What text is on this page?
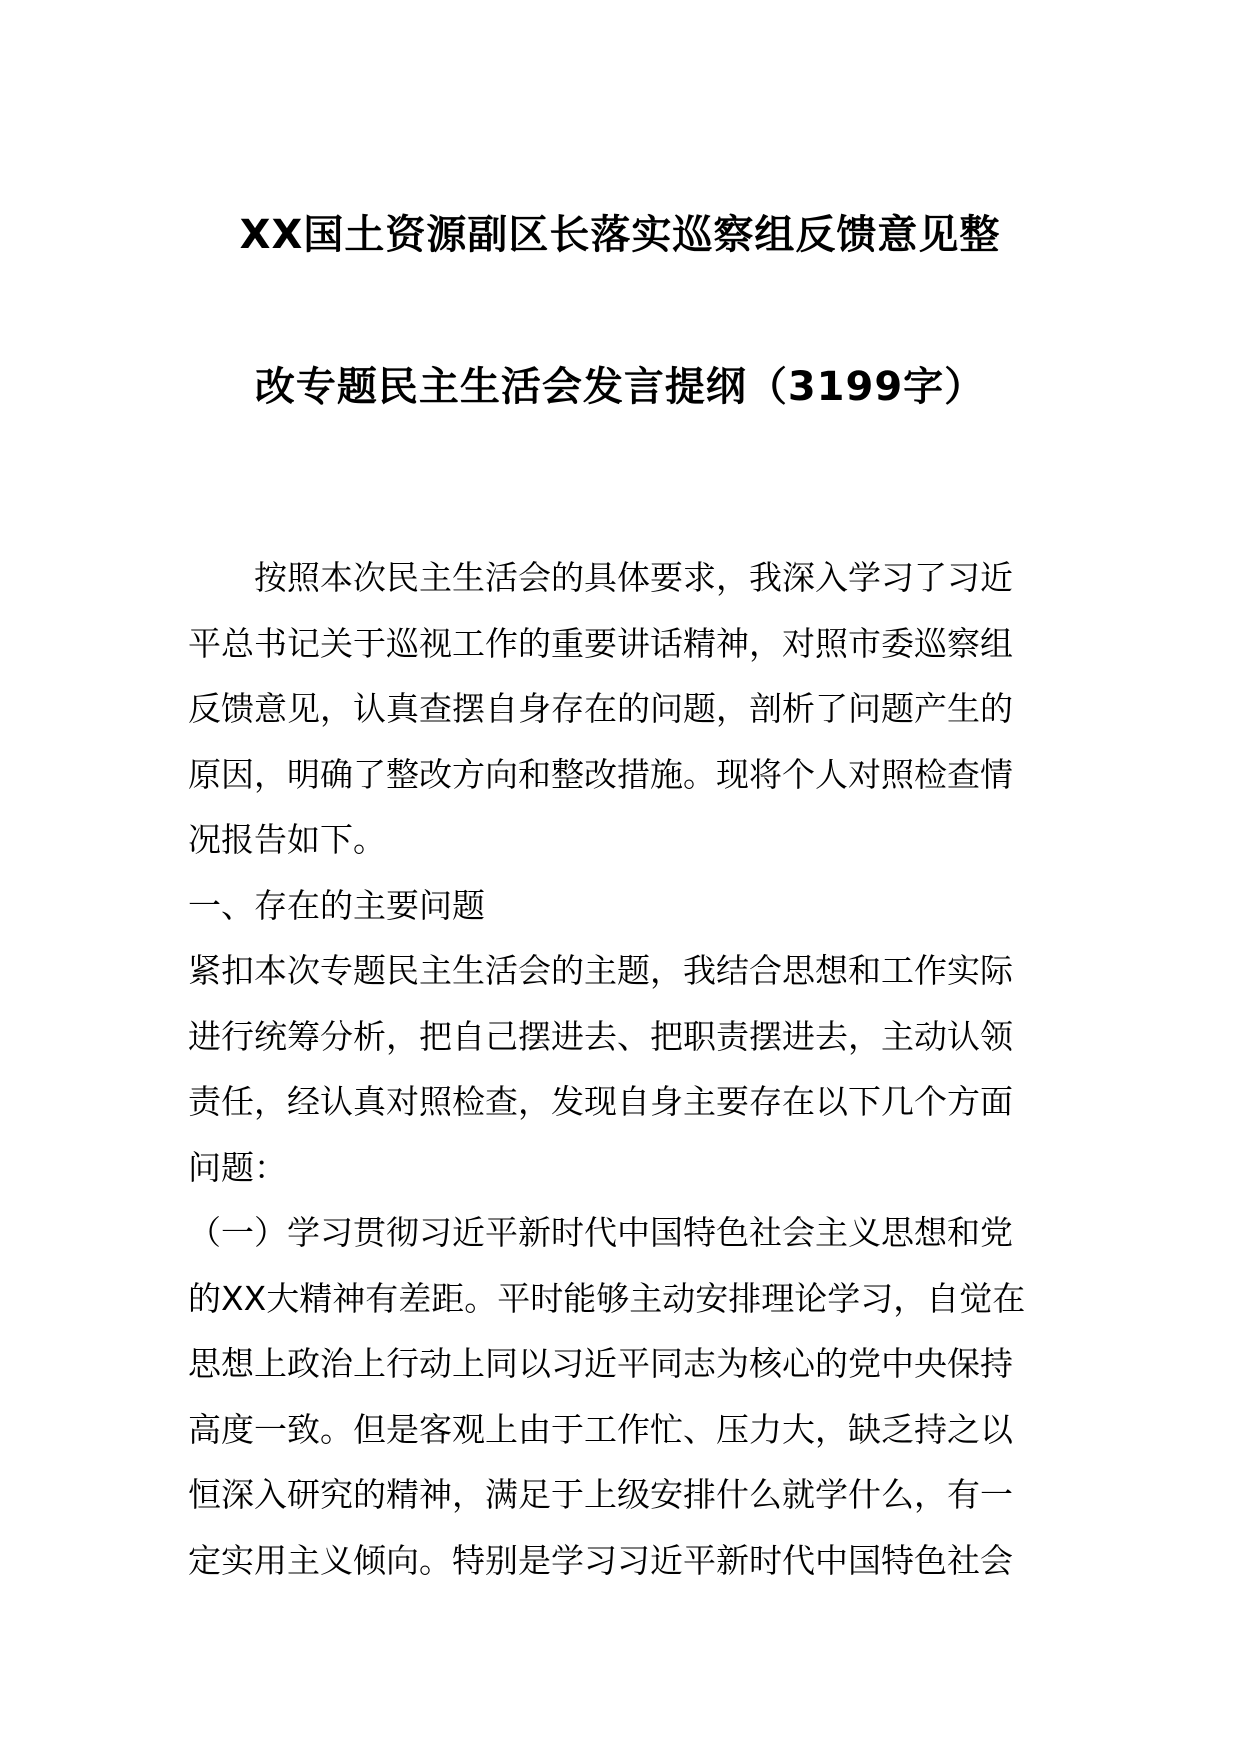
XX国土资源副区长落实巡察组反馈意见整
改专题民主生活会发言提纲（3199字）
按照本次民主生活会的具体要求，我深入学习了习近
平总书记关于巡视工作的重要讲话精神，对照市委巡察组
反馈意见，认真查摆自身存在的问题，剖析了问题产生的
原因，明确了整改方向和整改措施。现将个人对照检查情
况报告如下。
一、存在的主要问题
紧扣本次专题民主生活会的主题，我结合思想和工作实际
进行统筹分析，把自己摆进去、把职责摆进去，主动认领
责任，经认真对照检查，发现自身主要存在以下几个方面
问题：
（一）学习贯彻习近平新时代中国特色社会主义思想和党
的XX大精神有差距。平时能够主动安排理论学习，自觉在
思想上政治上行动上同以习近平同志为核心的党中央保持
高度一致。但是客观上由于工作忙、压力大，缺乏持之以
恒深入研究的精神，满足于上级安排什么就学什么，有一
定实用主义倾向。特别是学习习近平新时代中国特色社会
